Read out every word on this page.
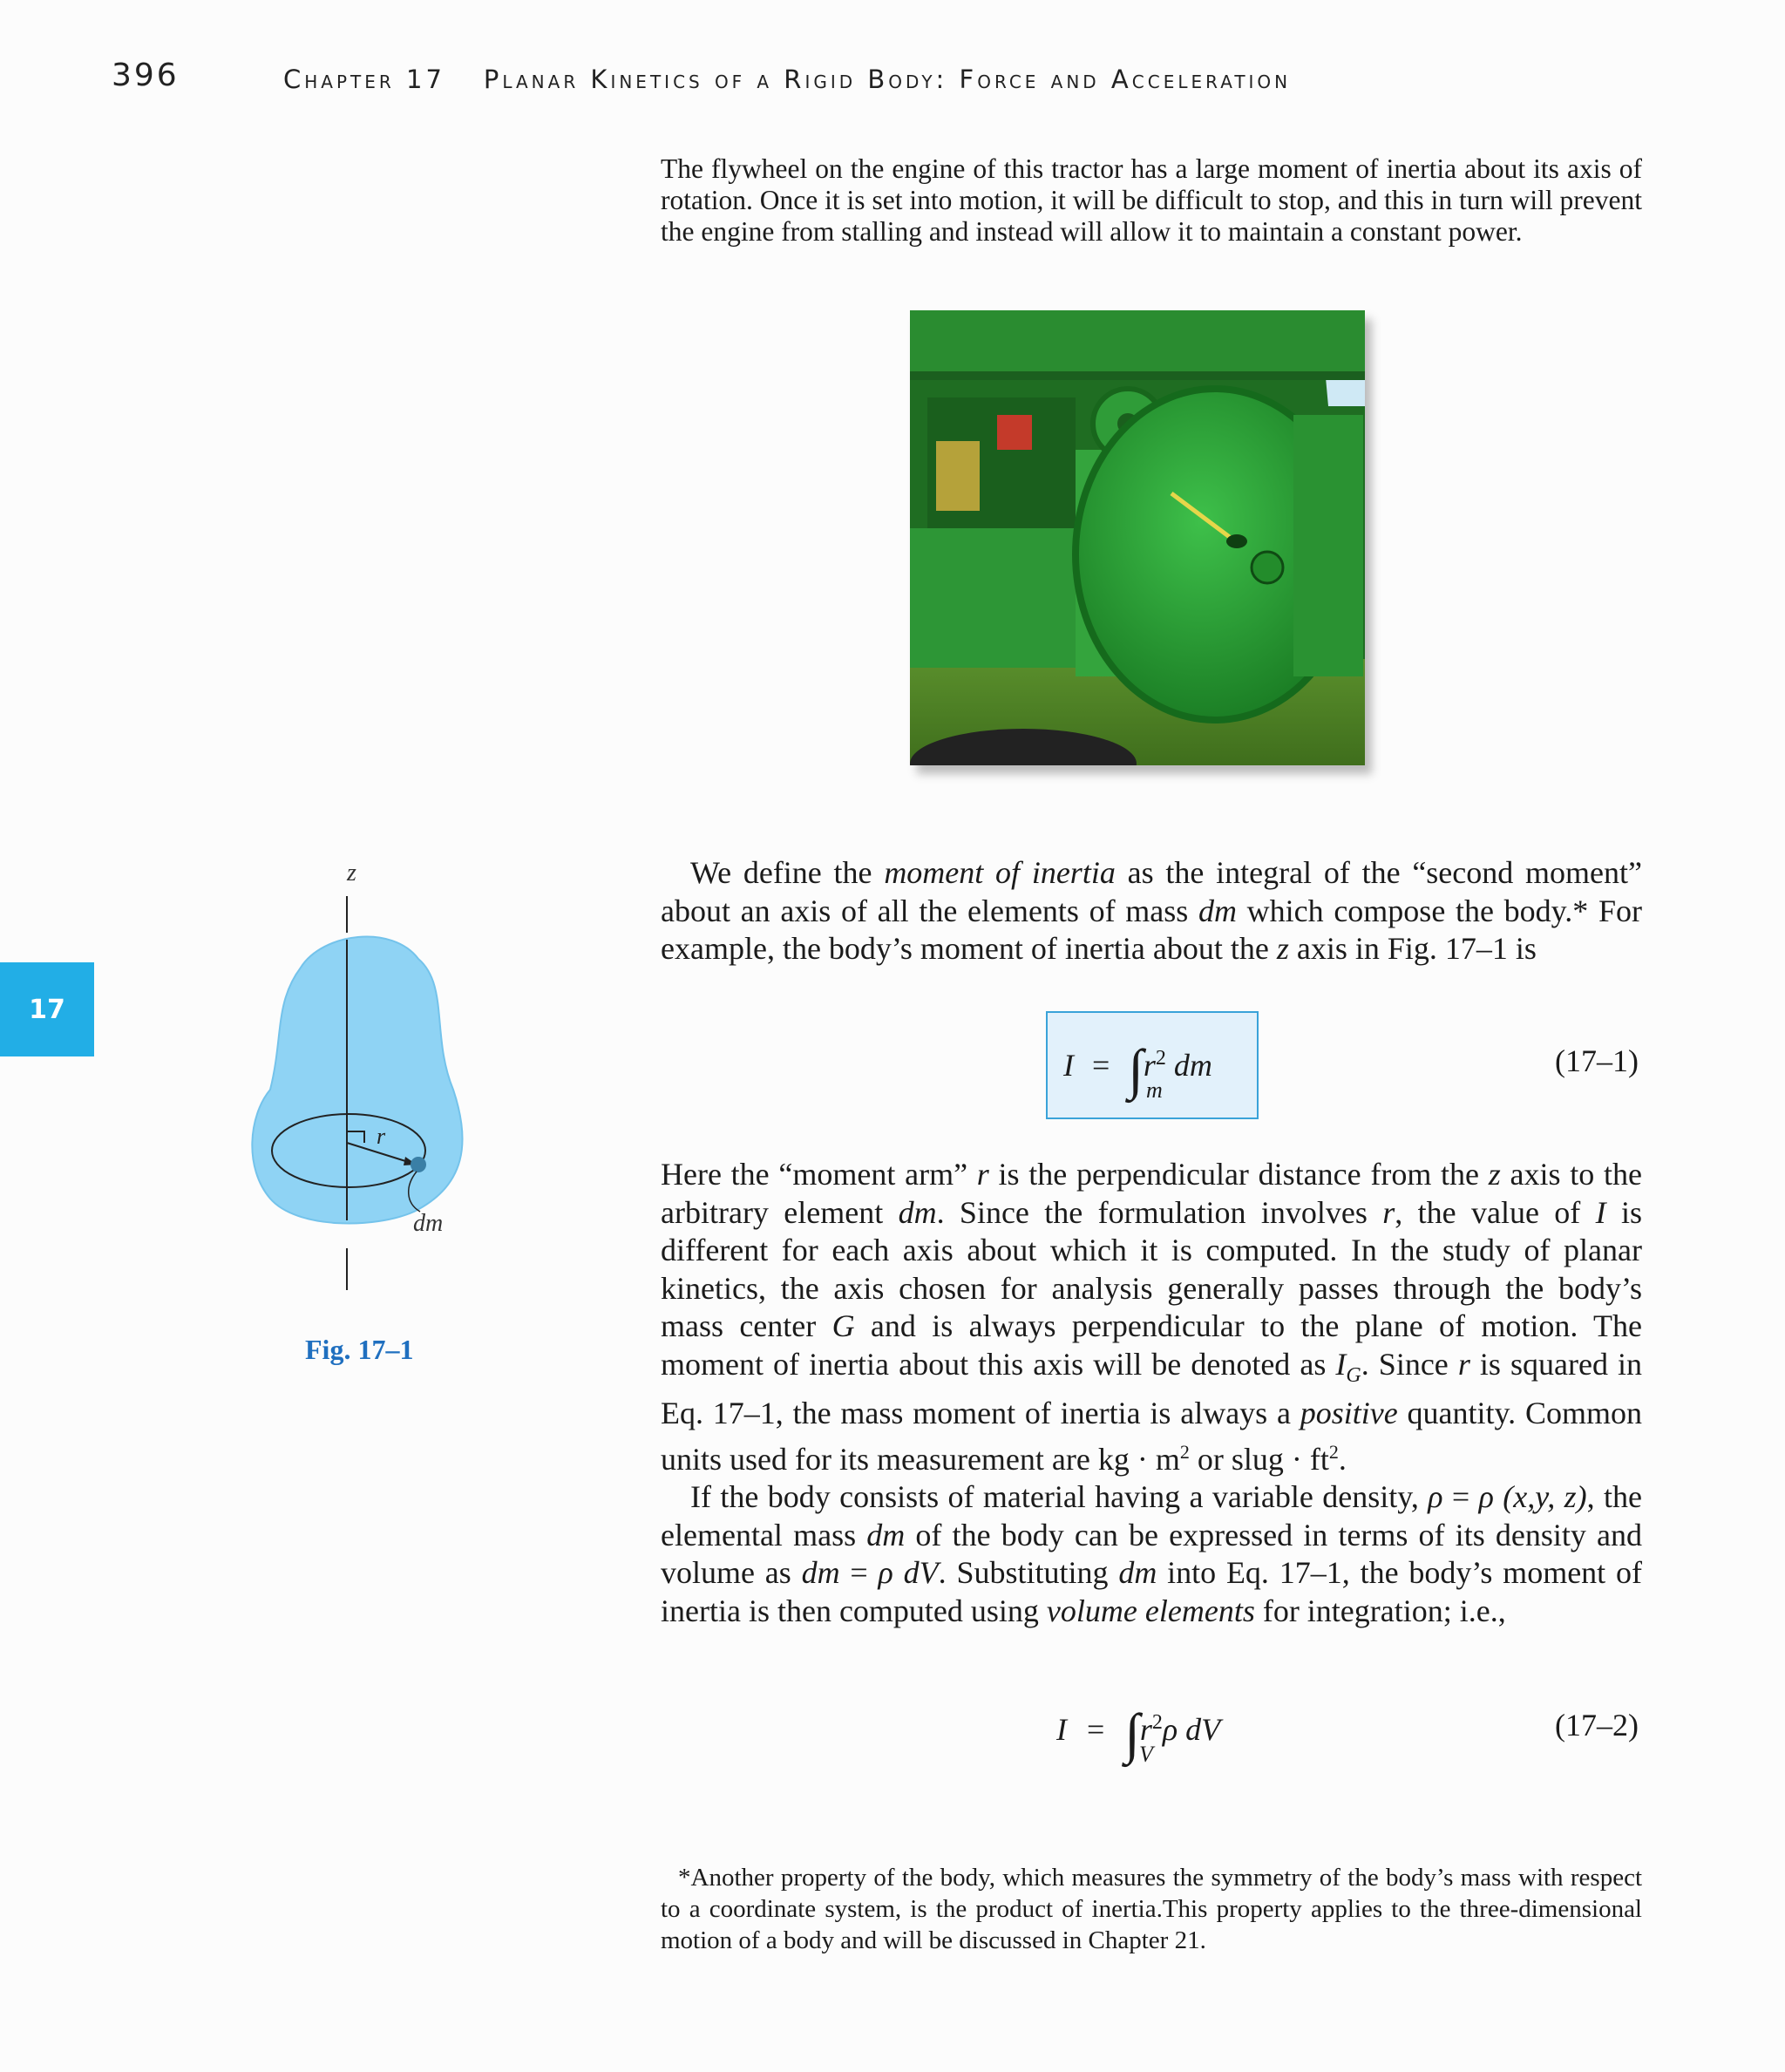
396	Chapter 17 Planar Kinetics of a Rigid Body: Force and Acceleration
The flywheel on the engine of this tractor has a large moment of inertia about its axis of rotation. Once it is set into motion, it will be difficult to stop, and this in turn will prevent the engine from stalling and instead will allow it to maintain a constant power.
17
z
r
dm
Fig. 17–1
We define the moment of inertia as the integral of the “second moment” about an axis of all the elements of mass dm which compose the body.* For example, the body’s moment of inertia about the z axis in Fig. 17–1 is
$I = \int r^2$ dm
m
(17–1)
Here the “moment arm” r is the perpendicular distance from the z axis to the arbitrary element dm. Since the formulation involves r, the value of I is different for each axis about which it is computed. In the study of planar kinetics, the axis chosen for analysis generally passes through the body’s mass center G and is always perpendicular to the plane of motion. The moment of inertia about this axis will be denoted as $I_G$. Since r is squared in Eq. 17–1, the mass moment of inertia is always a positive quantity. Common units used for its measurement are kg · $m^2$ or slug · $ft^2$.
If the body consists of material having a variable density, ρ = ρ (x,y, z), the elemental mass dm of the body can be expressed in terms of its density and volume as dm = ρ dV. Substituting dm into Eq. 17–1, the body’s moment of inertia is then computed using volume elements for integration; i.e.,
$I = \int r^2\rho$ dV
V
(17–2)
*Another property of the body, which measures the symmetry of the body’s mass with respect to a coordinate system, is the product of inertia.This property applies to the three-dimensional motion of a body and will be discussed in Chapter 21.
